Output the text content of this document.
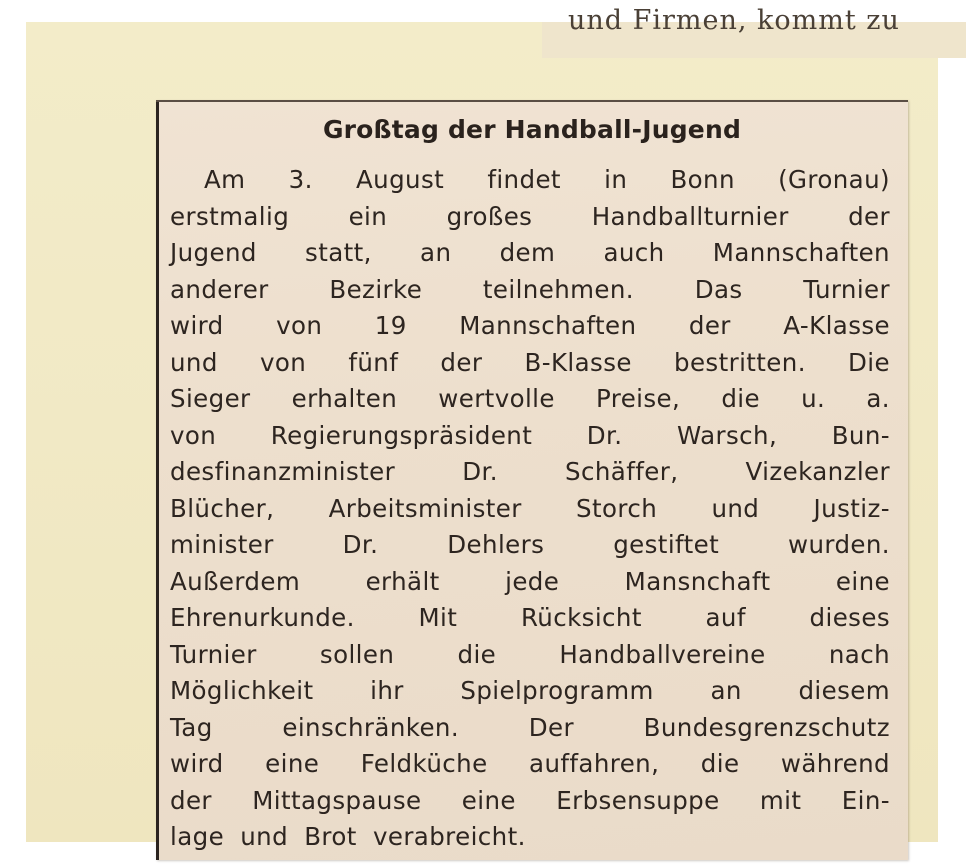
und Firmen, kommt zu
Großtag der Handball-Jugend
Am 3. August findet in Bonn (Gronau)
erstmalig ein großes Handballturnier der
Jugend statt, an dem auch Mannschaften
anderer Bezirke teilnehmen. Das Turnier
wird von 19 Mannschaften der A-Klasse
und von fünf der B-Klasse bestritten. Die
Sieger erhalten wertvolle Preise, die u. a.
von Regierungspräsident Dr. Warsch, Bun-
desfinanzminister Dr. Schäffer, Vizekanzler
Blücher, Arbeitsminister Storch und Justiz-
minister Dr. Dehlers gestiftet wurden.
Außerdem erhält jede Mansnchaft eine
Ehrenurkunde. Mit Rücksicht auf dieses
Turnier sollen die Handballvereine nach
Möglichkeit ihr Spielprogramm an diesem
Tag einschränken. Der Bundesgrenzschutz
wird eine Feldküche auffahren, die während
der Mittagspause eine Erbsensuppe mit Ein-
lage und Brot verabreicht.
